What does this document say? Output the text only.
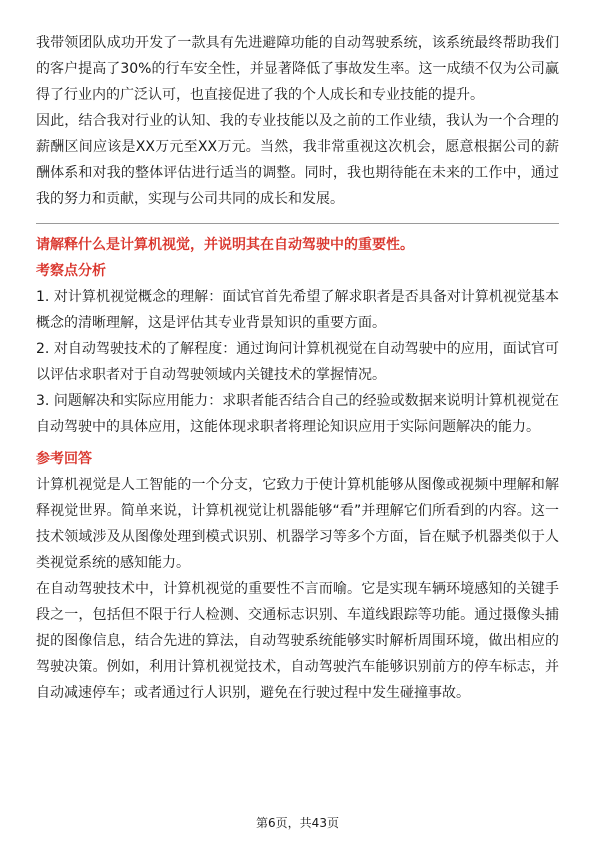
我带领团队成功开发了一款具有先进避障功能的自动驾驶系统，该系统最终帮助我们的客户提高了30%的行车安全性，并显著降低了事故发生率。这一成绩不仅为公司赢得了行业内的广泛认可，也直接促进了我的个人成长和专业技能的提升。

因此，结合我对行业的认知、我的专业技能以及之前的工作业绩，我认为一个合理的薪酬区间应该是XX万元至XX万元。当然，我非常重视这次机会，愿意根据公司的薪酬体系和对我的整体评估进行适当的调整。同时，我也期待能在未来的工作中，通过我的努力和贡献，实现与公司共同的成长和发展。

请解释什么是计算机视觉，并说明其在自动驾驶中的重要性。

考察点分析

1. 对计算机视觉概念的理解：面试官首先希望了解求职者是否具备对计算机视觉基本概念的清晰理解，这是评估其专业背景知识的重要方面。

2. 对自动驾驶技术的了解程度：通过询问计算机视觉在自动驾驶中的应用，面试官可以评估求职者对于自动驾驶领域内关键技术的掌握情况。

3. 问题解决和实际应用能力：求职者能否结合自己的经验或数据来说明计算机视觉在自动驾驶中的具体应用，这能体现求职者将理论知识应用于实际问题解决的能力。

参考回答

计算机视觉是人工智能的一个分支，它致力于使计算机能够从图像或视频中理解和解释视觉世界。简单来说，计算机视觉让机器能够“看”并理解它们所看到的内容。这一技术领域涉及从图像处理到模式识别、机器学习等多个方面，旨在赋予机器类似于人类视觉系统的感知能力。

在自动驾驶技术中，计算机视觉的重要性不言而喻。它是实现车辆环境感知的关键手段之一，包括但不限于行人检测、交通标志识别、车道线跟踪等功能。通过摄像头捕捉的图像信息，结合先进的算法，自动驾驶系统能够实时解析周围环境，做出相应的驾驶决策。例如，利用计算机视觉技术，自动驾驶汽车能够识别前方的停车标志，并自动减速停车；或者通过行人识别，避免在行驶过程中发生碰撞事故。

第6页，共43页
